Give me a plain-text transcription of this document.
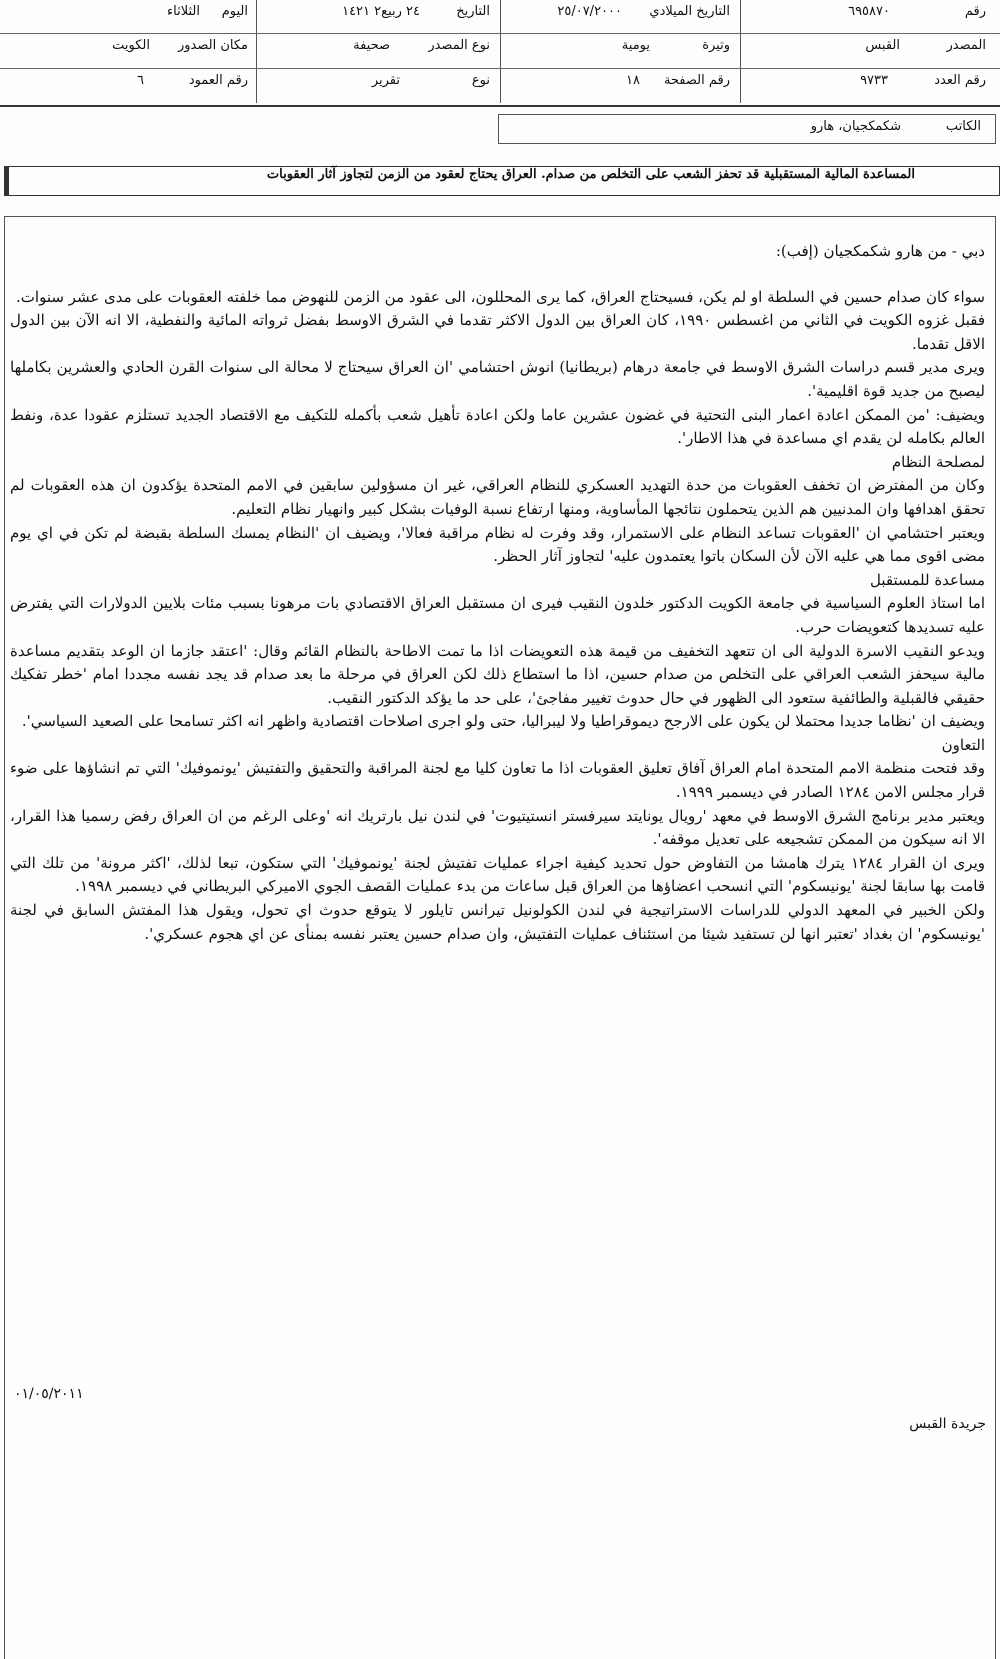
رقم
٦٩٥٨٧٠
التاريخ الميلادي
٢٥/٠٧/٢٠٠٠
التاريخ
٢٤ ربيع٢ ١٤٢١
اليوم
الثلاثاء
المصدر
القبس
وتيرة
يومية
نوع المصدر
صحيفة
مكان الصدور
الكويت
رقم العدد
٩٧٣٣
رقم الصفحة
١٨
نوع
تقرير
رقم العمود
٦
الكاتب
شكمكجيان، هارو
المساعدة المالية المستقبلية قد تحفز الشعب على التخلص من صدام. العراق يحتاج لعقود من الزمن لتجاوز آثار العقوبات

دبي - من هارو شكمكجيان (إفب):

سواء كان صدام حسين في السلطة او لم يكن، فسيحتاج العراق، كما يرى المحللون، الى عقود من الزمن للنهوض مما خلفته العقوبات على مدى عشر سنوات.

فقبل غزوه الكويت في الثاني من اغسطس ١٩٩٠، كان العراق بين الدول الاكثر تقدما في الشرق الاوسط بفضل ثرواته المائية والنفطية، الا انه الآن بين الدول الاقل تقدما.

ويرى مدير قسم دراسات الشرق الاوسط في جامعة درهام (بريطانيا) انوش احتشامي 'ان العراق سيحتاج لا محالة الى سنوات القرن الحادي والعشرين بكاملها ليصبح من جديد قوة اقليمية'.

ويضيف: 'من الممكن اعادة اعمار البنى التحتية في غضون عشرين عاما ولكن اعادة تأهيل شعب بأكمله للتكيف مع الاقتصاد الجديد تستلزم عقودا عدة، ونفط العالم بكامله لن يقدم اي مساعدة في هذا الاطار'.

لمصلحة النظام

وكان من المفترض ان تخفف العقوبات من حدة التهديد العسكري للنظام العراقي، غير ان مسؤولين سابقين في الامم المتحدة يؤكدون ان هذه العقوبات لم تحقق اهدافها وان المدنيين هم الذين يتحملون نتائجها المأساوية، ومنها ارتفاع نسبة الوفيات بشكل كبير وانهيار نظام التعليم.

ويعتبر احتشامي ان 'العقوبات تساعد النظام على الاستمرار، وقد وفرت له نظام مراقبة فعالا'، ويضيف ان 'النظام يمسك السلطة بقبضة لم تكن في اي يوم مضى اقوى مما هي عليه الآن لأن السكان باتوا يعتمدون عليه' لتجاوز آثار الحظر.

مساعدة للمستقبل

اما استاذ العلوم السياسية في جامعة الكويت الدكتور خلدون النقيب فيرى ان مستقبل العراق الاقتصادي بات مرهونا بسبب مئات بلايين الدولارات التي يفترض عليه تسديدها كتعويضات حرب.

ويدعو النقيب الاسرة الدولية الى ان تتعهد التخفيف من قيمة هذه التعويضات اذا ما تمت الاطاحة بالنظام القائم وقال: 'اعتقد جازما ان الوعد بتقديم مساعدة مالية سيحفز الشعب العراقي على التخلص من صدام حسين، اذا ما استطاع ذلك لكن العراق في مرحلة ما بعد صدام قد يجد نفسه مجددا امام 'خطر تفكيك حقيقي فالقبلية والطائفية ستعود الى الظهور في حال حدوث تغيير مفاجئ'، على حد ما يؤكد الدكتور النقيب.

ويضيف ان 'نظاما جديدا محتملا لن يكون على الارجح ديموقراطيا ولا ليبراليا، حتى ولو اجرى اصلاحات اقتصادية واظهر انه اكثر تسامحا على الصعيد السياسي'.

التعاون

وقد فتحت منظمة الامم المتحدة امام العراق آفاق تعليق العقوبات اذا ما تعاون كليا مع لجنة المراقبة والتحقيق والتفتيش 'يونموفيك' التي تم انشاؤها على ضوء قرار مجلس الامن ١٢٨٤ الصادر في ديسمبر ١٩٩٩.

ويعتبر مدير برنامج الشرق الاوسط في معهد 'رويال يونايتد سيرفستر انستيتيوت' في لندن نيل بارتريك انه 'وعلى الرغم من ان العراق رفض رسميا هذا القرار، الا انه سيكون من الممكن تشجيعه على تعديل موقفه'.

ويرى ان القرار ١٢٨٤ يترك هامشا من التفاوض حول تحديد كيفية اجراء عمليات تفتيش لجنة 'يونموفيك' التي ستكون، تبعا لذلك، 'اكثر مرونة' من تلك التي قامت بها سابقا لجنة 'يونيسكوم' التي انسحب اعضاؤها من العراق قبل ساعات من بدء عمليات القصف الجوي الاميركي البريطاني في ديسمبر ١٩٩٨.

ولكن الخبير في المعهد الدولي للدراسات الاستراتيجية في لندن الكولونيل تيرانس تايلور لا يتوقع حدوث اي تحول، ويقول هذا المفتش السابق في لجنة 'يونيسكوم' ان بغداد 'تعتبر انها لن تستفيد شيئا من استئناف عمليات التفتيش، وان صدام حسين يعتبر نفسه بمنأى عن اي هجوم عسكري'.

٠١/٠٥/٢٠١١
جريدة القبس
